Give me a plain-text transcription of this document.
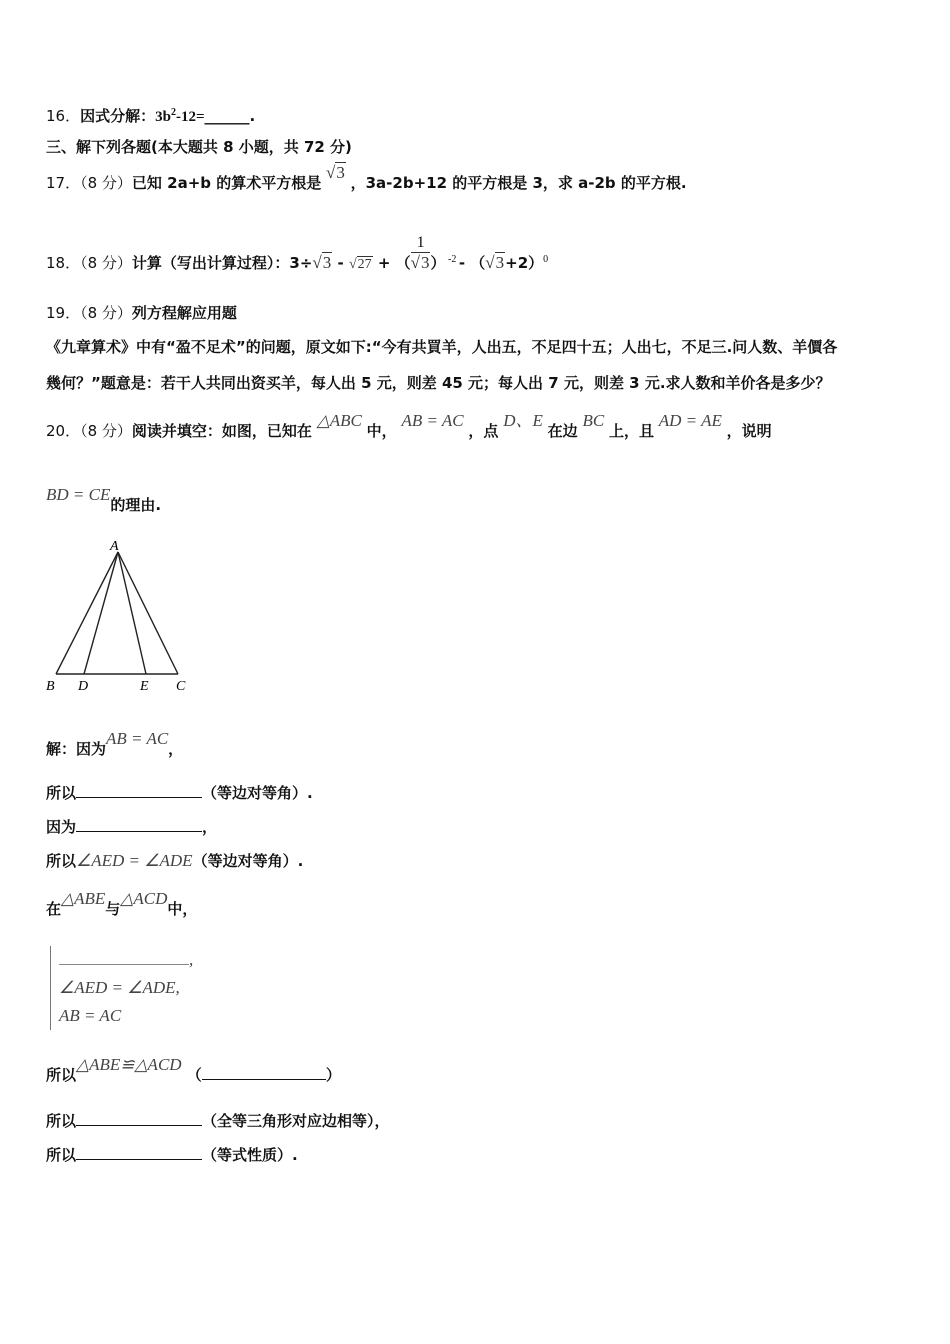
16．因式分解：$3b^2-12=\_\_\_\_\_\_$.
三、解下列各题(本大题共 8 小题，共 72 分)
17．（8 分）已知 2a+b 的算术平方根是 √3 ，3a-2b+12 的平方根是 3，求 a-2b 的平方根.
18．（8 分）计算（写出计算过程）：3÷√3 - √27 + （ $\frac{1}{√3}$ ） $^{-2} - (√3+2)^0$
19．（8 分）列方程解应用题
《九章算术》中有“盈不足术”的问题，原文如下:“今有共買羊，人出五，不足四十五；人出七，不足三.问人数、羊價各
幾何？”题意是：若干人共同出资买羊，每人出 5 元，则差 45 元；每人出 7 元，则差 3 元.求人数和羊价各是多少？
20．（8 分）阅读并填空：如图，已知在 △ABC 中， AB = AC ，点 D、E 在边 BC 上，且 AD = AE ，说明
BD = CE的理由.
A
B D	E C
解：因为AB = AC，
所以	（等边对等角）.
因为	，
所以∠AED = ∠ADE（等边对等角）.
在△ABE与△ACD中，
,
∠AED = ∠ADE,
AB = AC
所以△ABE≌△ACD （	）
所以	（全等三角形对应边相等），
所以	（等式性质）.
